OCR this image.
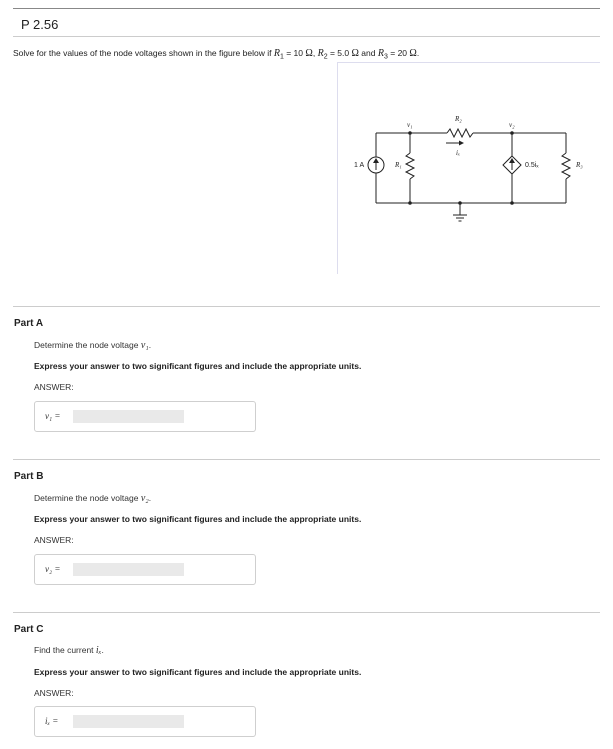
P 2.56
Solve for the values of the node voltages shown in the figure below if $R_1 = 10$ Ω, $R_2 = 5.0$ Ω and $R_3 = 20$ Ω.
1 A	R₁
R₂
R₃
v₁	v₂
iₓ
0.5iₓ
Part A
Determine the node voltage v₁.
Express your answer to two significant figures and include the appropriate units.
ANSWER:
v₁ =
Part B
Determine the node voltage v₂.
Express your answer to two significant figures and include the appropriate units.
ANSWER:
v₂ =
Part C
Find the current iₓ.
Express your answer to two significant figures and include the appropriate units.
ANSWER:
iₓ =
